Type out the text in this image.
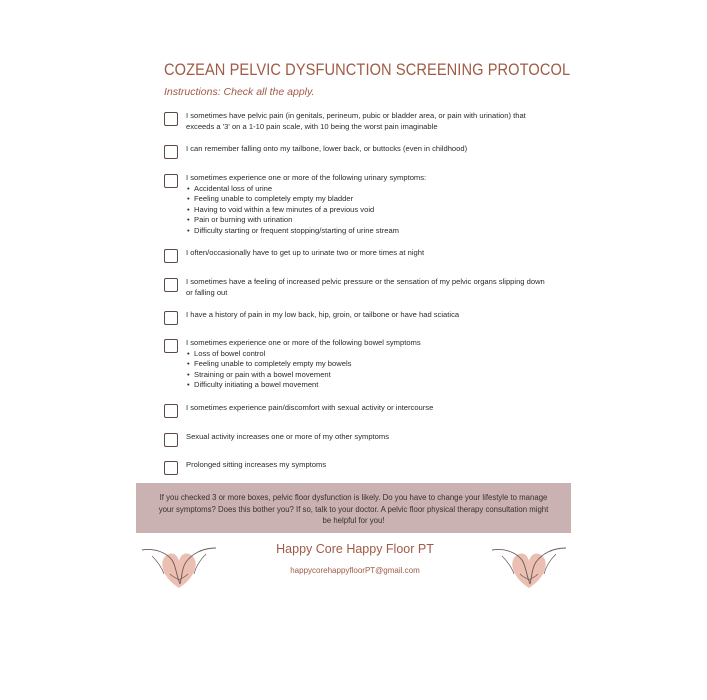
COZEAN PELVIC DYSFUNCTION SCREENING PROTOCOL
Instructions: Check all the apply.
I sometimes have pelvic pain (in genitals, perineum, pubic or bladder area, or pain with urination) that exceeds a '3' on a 1-10 pain scale, with 10 being the worst pain imaginable
I can remember falling onto my tailbone, lower back, or buttocks (even in childhood)
I sometimes experience one or more of the following urinary symptoms:
• Accidental loss of urine
• Feeling unable to completely empty my bladder
• Having to void within a few minutes of a previous void
• Pain or burning with urination
• Difficulty starting or frequent stopping/starting of urine stream
I often/occasionally have to get up to urinate two or more times at night
I sometimes have a feeling of increased pelvic pressure or the sensation of my pelvic organs slipping down or falling out
I have a history of pain in my low back, hip, groin, or tailbone or have had sciatica
I sometimes experience one or more of the following bowel symptoms
• Loss of bowel control
• Feeling unable to completely empty my bowels
• Straining or pain with a bowel movement
• Difficulty initiating a bowel movement
I sometimes experience pain/discomfort with sexual activity or intercourse
Sexual activity increases one or more of my other symptoms
Prolonged sitting increases my symptoms

If you checked 3 or more boxes, pelvic floor dysfunction is likely. Do you have to change your lifestyle to manage your symptoms? Does this bother you? If so, talk to your doctor. A pelvic floor physical therapy consultation might be helpful for you!

Happy Core Happy Floor PT
happycorehappyfloorPT@gmail.com
